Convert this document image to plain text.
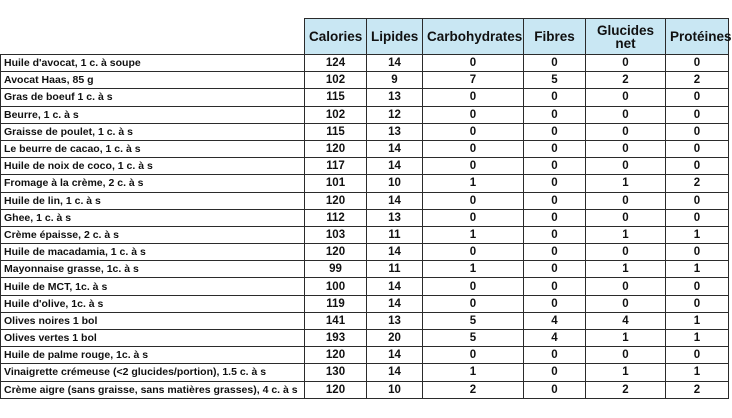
	Calories	Lipides	Carbohydrates	Fibres	Glucides net	Protéines
Huile d'avocat, 1 c. à soupe	124	14	0	0	0	0
Avocat Haas, 85 g	102	9	7	5	2	2
Gras de boeuf 1 c. à s	115	13	0	0	0	0
Beurre, 1 c. à s	102	12	0	0	0	0
Graisse de poulet, 1 c. à s	115	13	0	0	0	0
Le beurre de cacao, 1 c. à s	120	14	0	0	0	0
Huile de noix de coco, 1 c. à s	117	14	0	0	0	0
Fromage à la crème, 2 c. à s	101	10	1	0	1	2
Huile de lin, 1 c. à s	120	14	0	0	0	0
Ghee, 1 c. à s	112	13	0	0	0	0
Crème épaisse, 2 c. à s	103	11	1	0	1	1
Huile de macadamia, 1 c. à s	120	14	0	0	0	0
Mayonnaise grasse, 1c. à s	99	11	1	0	1	1
Huile de MCT, 1c. à s	100	14	0	0	0	0
Huile d'olive, 1c. à s	119	14	0	0	0	0
Olives noires 1 bol	141	13	5	4	4	1
Olives vertes 1 bol	193	20	5	4	1	1
Huile de palme rouge, 1c. à s	120	14	0	0	0	0
Vinaigrette crémeuse (<2 glucides/portion), 1.5 c. à s	130	14	1	0	1	1
Crème aigre (sans graisse, sans matières grasses), 4 c. à s	120	10	2	0	2	2
